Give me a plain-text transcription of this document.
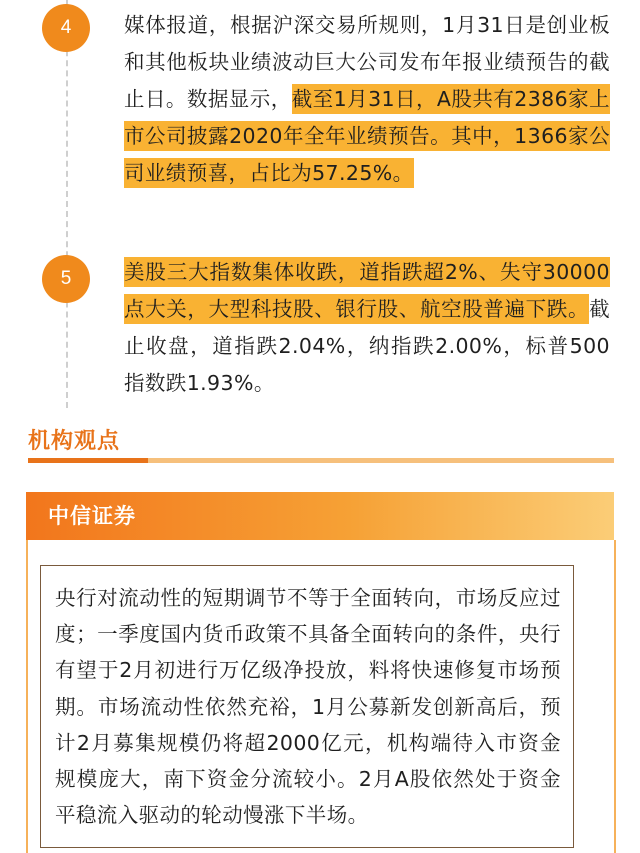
4	媒体报道，根据沪深交易所规则，1月31日是创业板和其他板块业绩波动巨大公司发布年报业绩预告的截止日。数据显示，截至1月31日，A股共有2386家上市公司披露2020年全年业绩预告。其中，1366家公司业绩预喜，占比为57.25%。
5	美股三大指数集体收跌，道指跌超2%、失守30000点大关，大型科技股、银行股、航空股普遍下跌。截止收盘，道指跌2.04%，纳指跌2.00%，标普500指数跌1.93%。
机构观点
中信证券
央行对流动性的短期调节不等于全面转向，市场反应过度；一季度国内货币政策不具备全面转向的条件，央行有望于2月初进行万亿级净投放，料将快速修复市场预期。市场流动性依然充裕，1月公募新发创新高后，预计2月募集规模仍将超2000亿元，机构端待入市资金规模庞大，南下资金分流较小。2月A股依然处于资金平稳流入驱动的轮动慢涨下半场。
